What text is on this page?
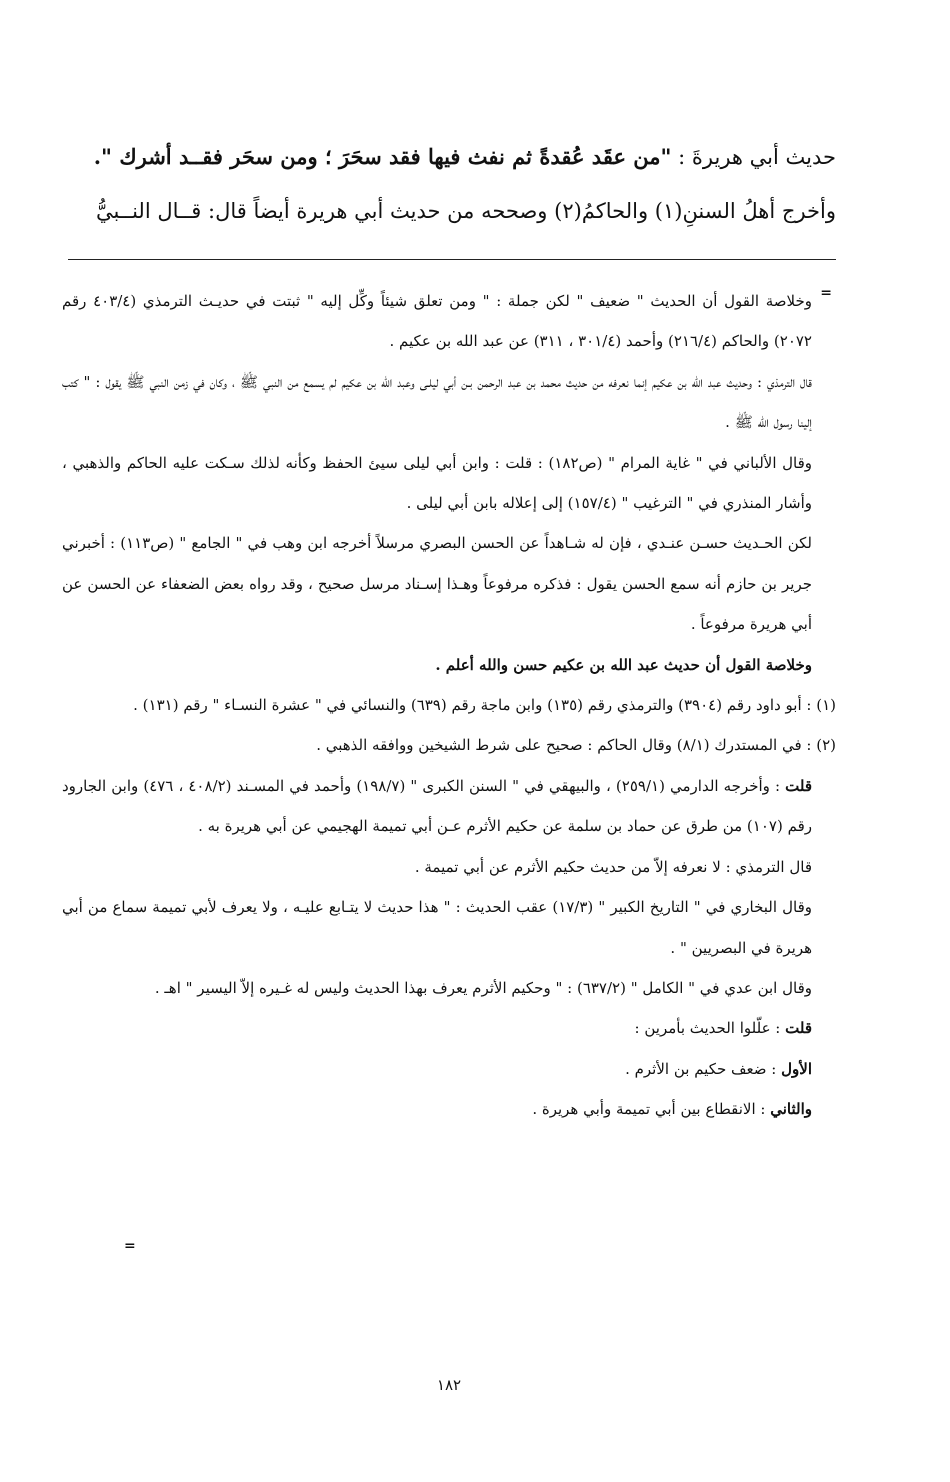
حديث أبي هريرةَ : "من عقَد عُقدةً ثم نفث فيها فقد سحَرَ ؛ ومن سحَر فقــد أشرك ".
وأخرج أهلُ السننِ(١) والحاكمُ(٢) وصححه من حديث أبي هريرة أيضاً قال: قــال النــبيُّ
=

وخلاصة القول أن الحديث " ضعيف " لكن جملة : " ومن تعلق شيئاً وكِّل إليه " ثبتت في حديـث الترمذي (٤٠٣/٤ رقم ٢٠٧٢) والحاكم (٢١٦/٤) وأحمد (٣٠١/٤ ، ٣١١) عن عبد الله بن عكيم .

قال الترمذي : وحديث عبد الله بن عكيم إنما نعرفه من حديث محمد بن عبد الرحمن بـن أبي ليلـى وعبد الله بن عكيم لم يسمع من النبي ﷺ ، وكان في زمن النبي ﷺ يقول : " كتب إلينا رسول الله ﷺ .

وقال الألباني في " غاية المرام " (ص١٨٢) : قلت : وابن أبي ليلى سيئ الحفظ وكأنه لذلك سـكت عليه الحاكم والذهبي ، وأشار المنذري في " الترغيب " (١٥٧/٤) إلى إعلاله بابن أبي ليلى .

لكن الحـديث حسـن عنـدي ، فإن له شـاهداً عن الحسن البصري مرسلاً أخرجه ابن وهب في " الجامع " (ص١١٣) : أخبرني جرير بن حازم أنه سمع الحسن يقول : فذكره مرفوعاً وهـذا إسـناد مرسل صحيح ، وقد رواه بعض الضعفاء عن الحسن عن أبي هريرة مرفوعاً .

وخلاصة القول أن حديث عبد الله بن عكيم حسن والله أعلم .

(١) : أبو داود رقم (٣٩٠٤) والترمذي رقم (١٣٥) وابن ماجة رقم (٦٣٩) والنسائي في " عشرة النسـاء " رقم (١٣١) .

(٢) : في المستدرك (٨/١) وقال الحاكم : صحيح على شرط الشيخين ووافقه الذهبي .

قلت : وأخرجه الدارمي (٢٥٩/١) ، والبيهقي في " السنن الكبرى " (١٩٨/٧) وأحمد في المسـند (٤٠٨/٢ ، ٤٧٦) وابن الجارود رقم (١٠٧) من طرق عن حماد بن سلمة عن حكيم الأثرم عـن أبي تميمة الهجيمي عن أبي هريرة به .

قال الترمذي : لا نعرفه إلاّ من حديث حكيم الأثرم عن أبي تميمة .

وقال البخاري في " التاريخ الكبير " (١٧/٣) عقب الحديث : " هذا حديث لا يتـابع عليـه ، ولا يعرف لأبي تميمة سماع من أبي هريرة في البصريين " .

وقال ابن عدي في " الكامل " (٦٣٧/٢) : " وحكيم الأثرم يعرف بهذا الحديث وليس له غـيره إلاّ اليسير " اهـ .

قلت : علّلوا الحديث بأمرين :

الأول : ضعف حكيم بن الأثرم .

والثاني : الانقطاع بين أبي تميمة وأبي هريرة .

=
١٨٢
